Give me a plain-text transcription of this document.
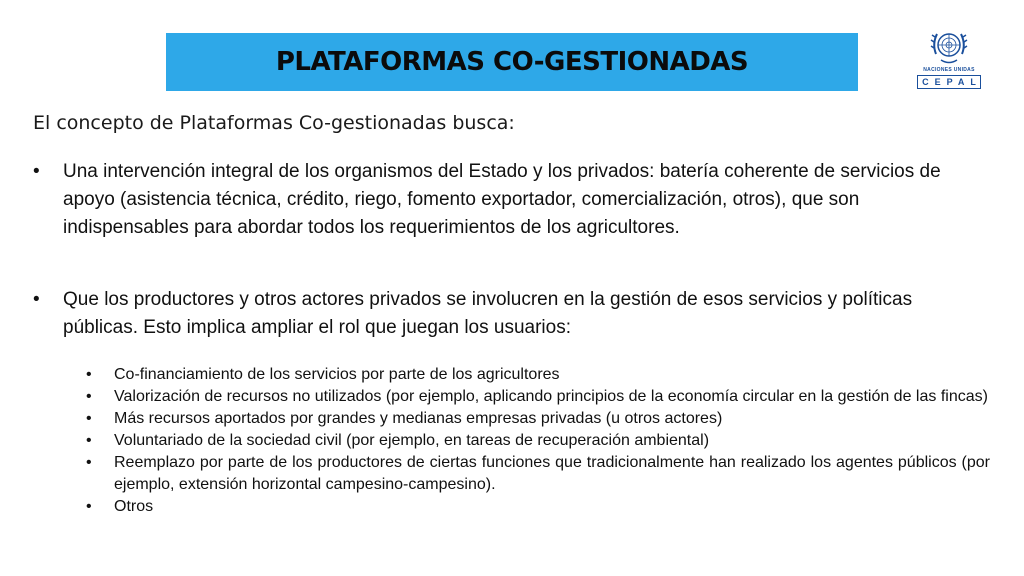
PLATAFORMAS CO-GESTIONADAS	NACIONES UNIDAS
CEPAL
El concepto de Plataformas Co-gestionadas busca:
•	Una intervención integral de los organismos del Estado y los privados: batería coherente de servicios de apoyo (asistencia técnica, crédito, riego, fomento exportador, comercialización, otros), que son indispensables para abordar todos los requerimientos de los agricultores.
•	Que los productores y otros actores privados se involucren en la gestión de esos servicios y políticas públicas. Esto implica ampliar el rol que juegan los usuarios:
•	Co-financiamiento de los servicios por parte de los agricultores
•	Valorización de recursos no utilizados (por ejemplo, aplicando principios de la economía circular en la gestión de las fincas)
•	Más recursos aportados por grandes y medianas empresas privadas (u otros actores)
•	Voluntariado de la sociedad civil (por ejemplo, en tareas de recuperación ambiental)
•	Reemplazo por parte de los productores de ciertas funciones que tradicionalmente han realizado los agentes públicos (por ejemplo, extensión horizontal campesino-campesino).
•	Otros
